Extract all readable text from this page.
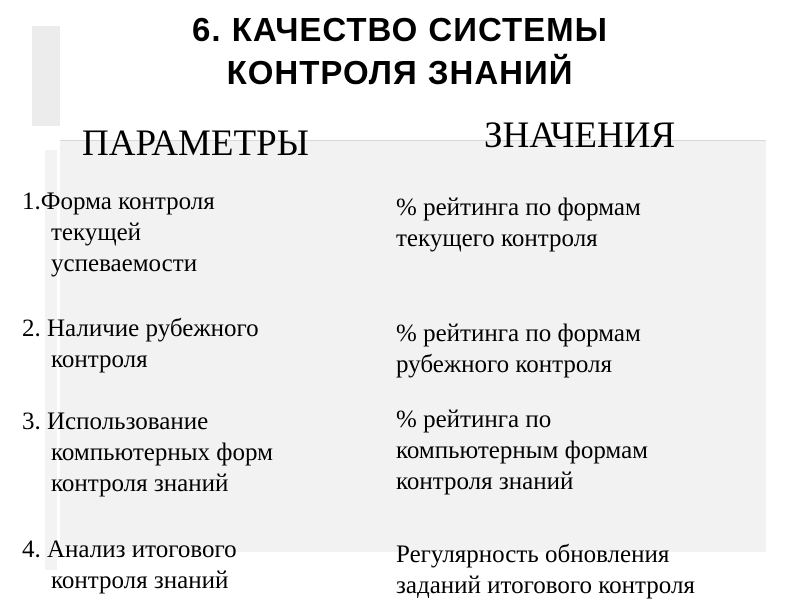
6. КАЧЕСТВО СИСТЕМЫ
КОНТРОЛЯ ЗНАНИЙ
ПАРАМЕТРЫ	ЗНАЧЕНИЯ
1.Форма контроля
текущей
успеваемости
2. Наличие рубежного
контроля
3. Использование
компьютерных форм
контроля знаний
4. Анализ итогового
контроля знаний
% рейтинга по формам
текущего контроля
% рейтинга по формам
рубежного контроля
% рейтинга по
компьютерным формам
контроля знаний
Регулярность обновления
заданий итогового контроля
